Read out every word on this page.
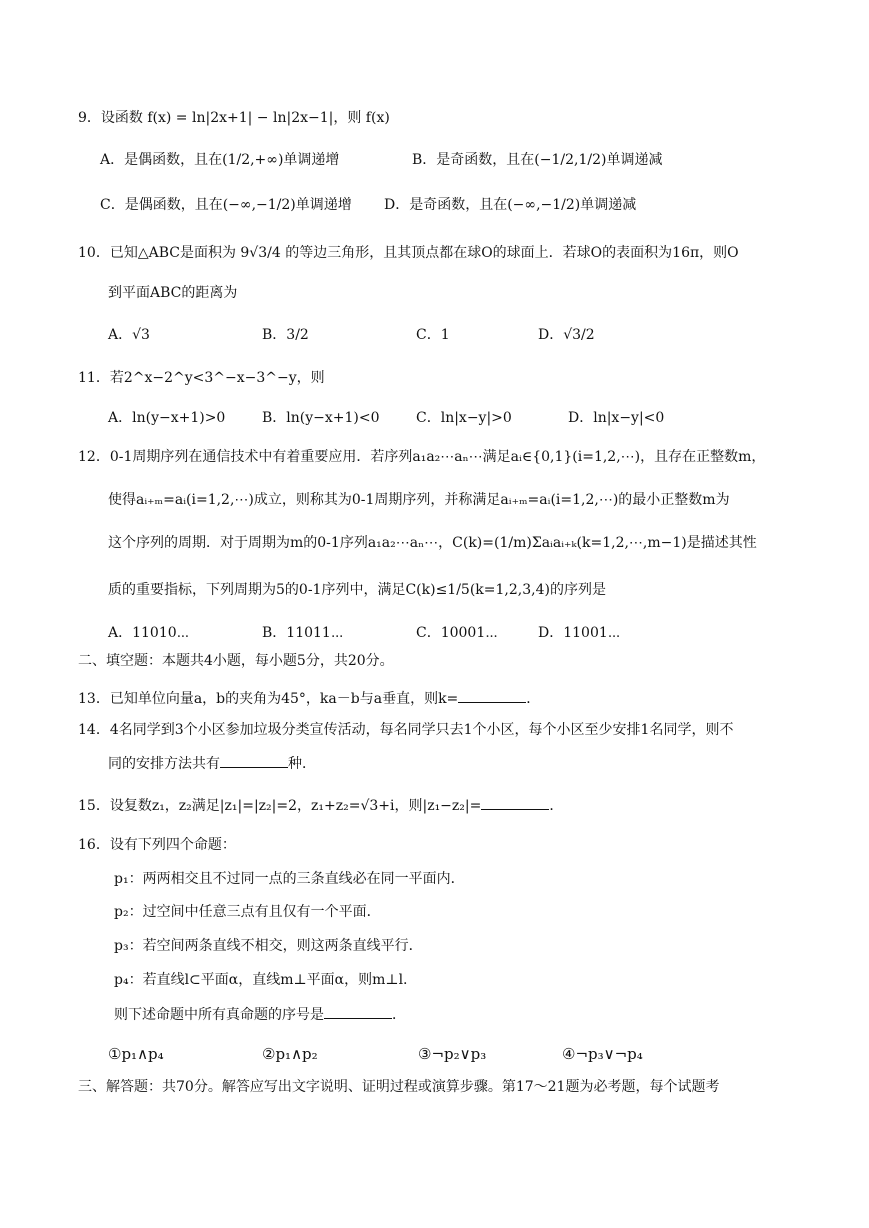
9．设函数 f(x) = ln|2x+1| − ln|2x−1|，则 f(x)
A．是偶函数，且在(1/2,+∞)单调递增	B．是奇函数，且在(−1/2,1/2)单调递减
C．是偶函数，且在(−∞,−1/2)单调递增 D．是奇函数，且在(−∞,−1/2)单调递减
10．已知△ABC是面积为 9√3/4 的等边三角形，且其顶点都在球O的球面上．若球O的表面积为16π，则O
到平面ABC的距离为
A．√3	B．3/2	C．1	D．√3/2
11．若2^x−2^y<3^−x−3^−y，则
A．ln(y−x+1)>0	B．ln(y−x+1)<0	C．ln|x−y|>0	D．ln|x−y|<0
12．0-1周期序列在通信技术中有着重要应用．若序列a₁a₂⋯aₙ⋯满足aᵢ∈{0,1}(i=1,2,⋯)，且存在正整数m，
使得aᵢ₊ₘ=aᵢ(i=1,2,⋯)成立，则称其为0-1周期序列，并称满足aᵢ₊ₘ=aᵢ(i=1,2,⋯)的最小正整数m为
这个序列的周期．对于周期为m的0-1序列a₁a₂⋯aₙ⋯，C(k)=(1/m)Σaᵢaᵢ₊ₖ(k=1,2,⋯,m−1)是描述其性
质的重要指标，下列周期为5的0-1序列中，满足C(k)≤1/5(k=1,2,3,4)的序列是
A．11010⋯	B．11011⋯	C．10001⋯	D．11001⋯
二、填空题：本题共4小题，每小题5分，共20分。
13．已知单位向量a，b的夹角为45°，ka－b与a垂直，则k=	．
14．4名同学到3个小区参加垃圾分类宣传活动，每名同学只去1个小区，每个小区至少安排1名同学，则不
同的安排方法共有	种．
15．设复数z₁，z₂满足|z₁|=|z₂|=2，z₁+z₂=√3+i，则|z₁−z₂|=	．
16．设有下列四个命题：
p₁：两两相交且不过同一点的三条直线必在同一平面内．
p₂：过空间中任意三点有且仅有一个平面．
p₃：若空间两条直线不相交，则这两条直线平行．
p₄：若直线l⊂平面α，直线m⊥平面α，则m⊥l.
则下述命题中所有真命题的序号是	．
①p₁∧p₄	②p₁∧p₂	③¬p₂∨p₃	④¬p₃∨¬p₄
三、解答题：共70分。解答应写出文字说明、证明过程或演算步骤。第17～21题为必考题，每个试题考
